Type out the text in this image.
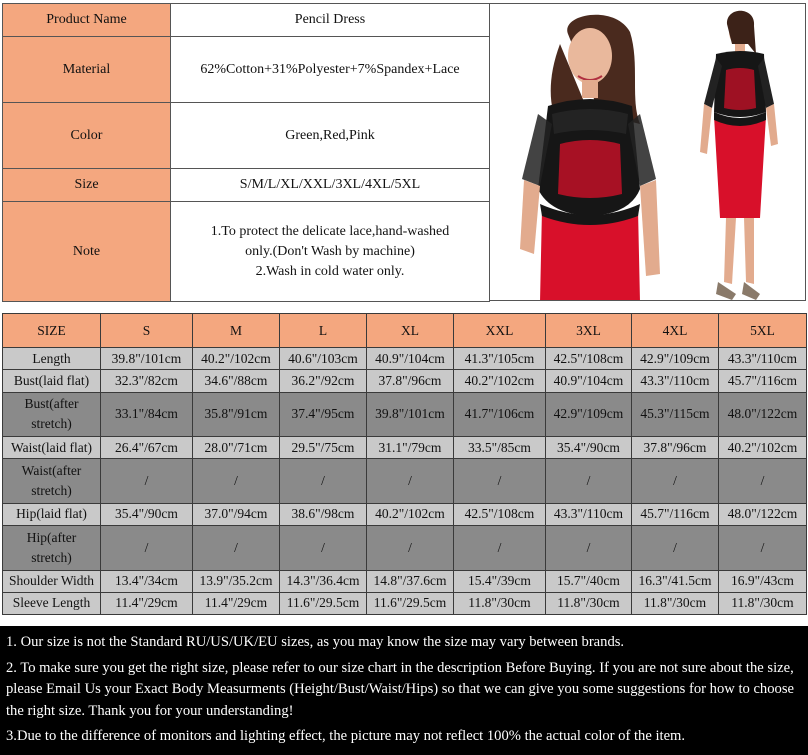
Product Name	Pencil Dress

Material	62%Cotton+31%Polyester+7%Spandex+Lace

Color	Green,Red,Pink

Size	S/M/L/XL/XXL/3XL/4XL/5XL

Note	1.To protect the delicate lace,hand-washed
only.(Don't Wash by machine)
2.Wash in cold water only.
SIZE	S	M	L	XL	XXL	3XL	4XL	5XL

Length	39.8"/101cm	40.2"/102cm	40.6"/103cm	40.9"/104cm	41.3"/105cm	42.5"/108cm	42.9"/109cm	43.3"/110cm

Bust(laid flat)	32.3"/82cm	34.6"/88cm	36.2"/92cm	37.8"/96cm	40.2"/102cm	40.9"/104cm	43.3"/110cm	45.7"/116cm

Bust(after
stretch)	33.1"/84cm	35.8"/91cm	37.4"/95cm	39.8"/101cm	41.7"/106cm	42.9"/109cm	45.3"/115cm	48.0"/122cm

Waist(laid flat)	26.4"/67cm	28.0"/71cm	29.5"/75cm	31.1"/79cm	33.5"/85cm	35.4"/90cm	37.8"/96cm	40.2"/102cm

Waist(after
stretch)	/	/	/	/	/	/	/	/

Hip(laid flat)	35.4"/90cm	37.0"/94cm	38.6"/98cm	40.2"/102cm	42.5"/108cm	43.3"/110cm	45.7"/116cm	48.0"/122cm

Hip(after
stretch)	/	/	/	/	/	/	/	/

Shoulder Width	13.4"/34cm	13.9"/35.2cm	14.3"/36.4cm	14.8"/37.6cm	15.4"/39cm	15.7"/40cm	16.3"/41.5cm	16.9"/43cm

Sleeve Length	11.4"/29cm	11.4"/29cm	11.6"/29.5cm	11.6"/29.5cm	11.8"/30cm	11.8"/30cm	11.8"/30cm	11.8"/30cm

1. Our size is not the Standard RU/US/UK/EU sizes, as you may know the size may vary between brands.

2. To make sure you get the right size, please refer to our size chart in the description Before Buying. If you are not sure about the size, please Email Us your Exact Body Measurments (Height/Bust/Waist/Hips) so that we can give you some suggestions for how to choose the right size. Thank you for your understanding!

3.Due to the difference of monitors and lighting effect, the picture may not reflect 100% the actual color of the item.
